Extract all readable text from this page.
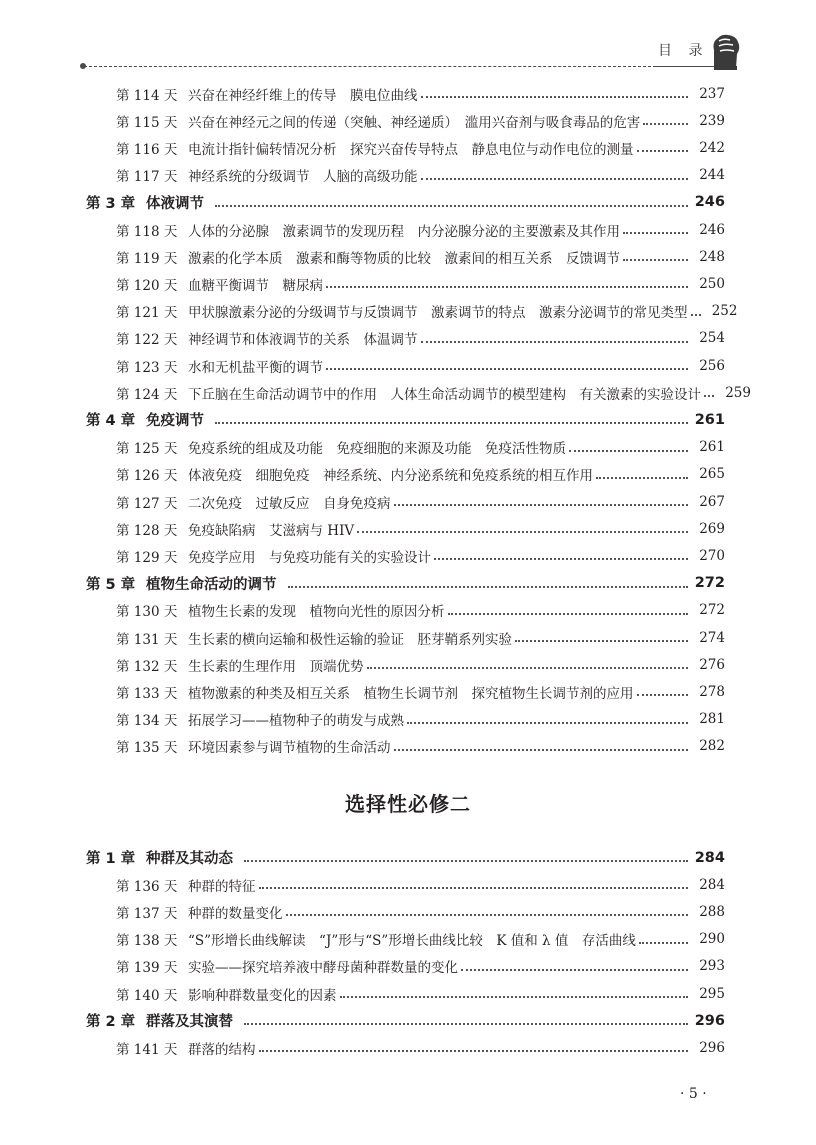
目 录
第 114 天 兴奋在神经纤维上的传导　膜电位曲线	237
第 115 天 兴奋在神经元之间的传递（突触、神经递质）　滥用兴奋剂与吸食毒品的危害	239
第 116 天 电流计指针偏转情况分析　探究兴奋传导特点　静息电位与动作电位的测量	242
第 117 天 神经系统的分级调节　人脑的高级功能	244
第 3 章 体液调节	246
第 118 天 人体的分泌腺　激素调节的发现历程　内分泌腺分泌的主要激素及其作用	246
第 119 天 激素的化学本质　激素和酶等物质的比较　激素间的相互关系　反馈调节	248
第 120 天 血糖平衡调节　糖尿病	250
第 121 天 甲状腺激素分泌的分级调节与反馈调节　激素调节的特点　激素分泌调节的常见类型	252
第 122 天 神经调节和体液调节的关系　体温调节	254
第 123 天 水和无机盐平衡的调节	256
第 124 天 下丘脑在生命活动调节中的作用　人体生命活动调节的模型建构　有关激素的实验设计	259
第 4 章 免疫调节	261
第 125 天 免疫系统的组成及功能　免疫细胞的来源及功能　免疫活性物质	261
第 126 天 体液免疫　细胞免疫　神经系统、内分泌系统和免疫系统的相互作用	265
第 127 天 二次免疫　过敏反应　自身免疫病	267
第 128 天 免疫缺陷病　艾滋病与 HIV	269
第 129 天 免疫学应用　与免疫功能有关的实验设计	270
第 5 章 植物生命活动的调节	272
第 130 天 植物生长素的发现　植物向光性的原因分析	272
第 131 天 生长素的横向运输和极性运输的验证　胚芽鞘系列实验	274
第 132 天 生长素的生理作用　顶端优势	276
第 133 天 植物激素的种类及相互关系　植物生长调节剂　探究植物生长调节剂的应用	278
第 134 天 拓展学习——植物种子的萌发与成熟	281
第 135 天 环境因素参与调节植物的生命活动	282
选择性必修二
第 1 章 种群及其动态	284
第 136 天 种群的特征	284
第 137 天 种群的数量变化	288
第 138 天 “S”形增长曲线解读　“J”形与“S”形增长曲线比较　K 值和 λ 值　存活曲线	290
第 139 天 实验——探究培养液中酵母菌种群数量的变化	293
第 140 天 影响种群数量变化的因素	295
第 2 章 群落及其演替	296
第 141 天 群落的结构	296
· 5 ·
